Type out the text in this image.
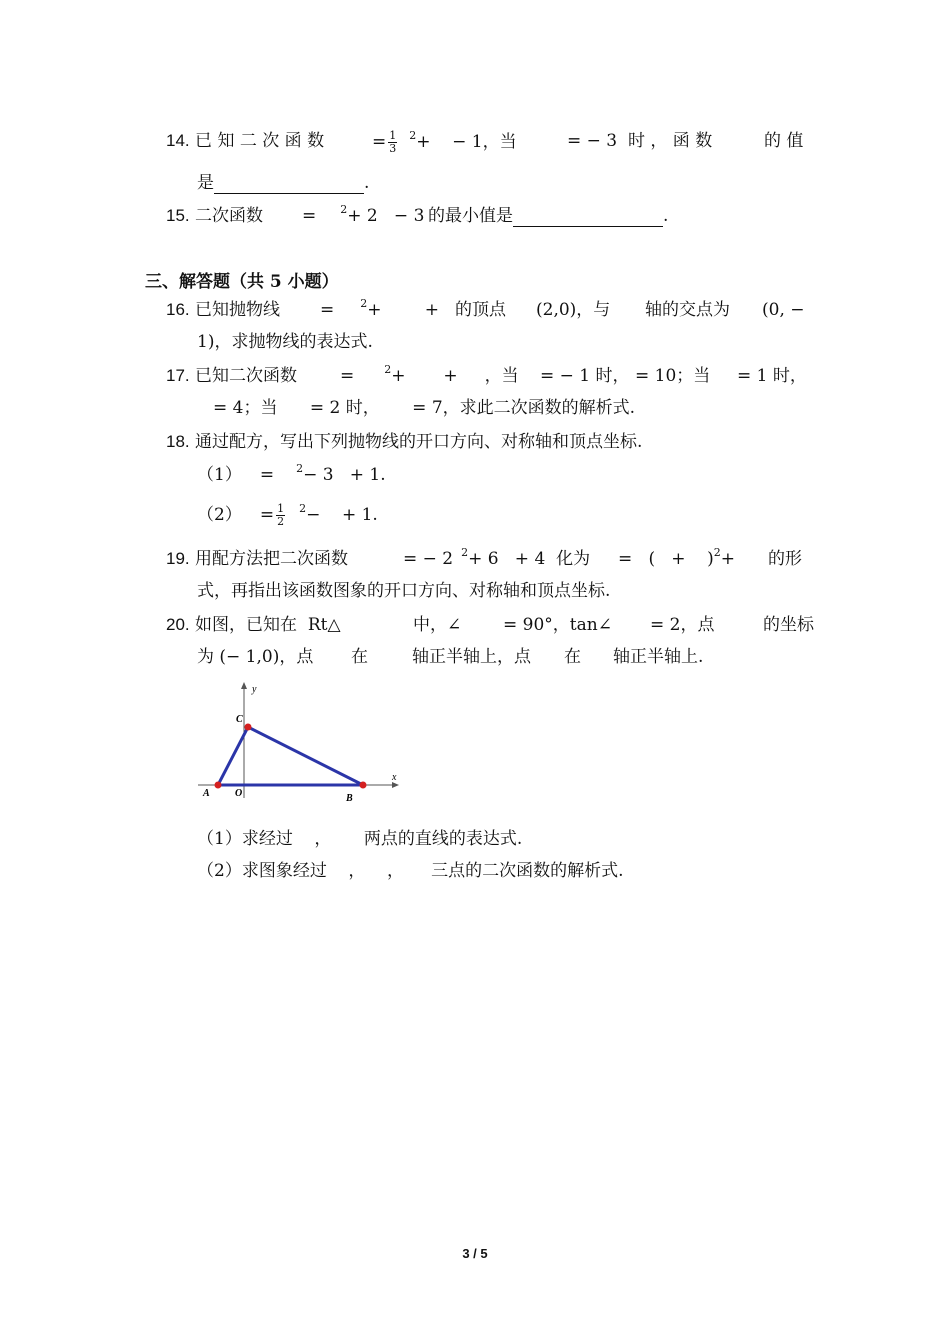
14. 已 知 二 次 函 数	= $\frac{1}{3} ^2+$    − 1，当	= − 3 时 ， 函 数	的 值
是	.
15. 二次函数 = $^2$+ 2   − 3 的最小值是	.
三、解答题（共 5 小题）
16. 已知抛物线 = $^2$+        + 的顶点 (2,0)，与 轴的交点为 (0, −
1)，求抛物线的表达式.
17. 已知二次函数	=	$^2$+       +     ，当 = − 1 时， = 10；当 = 1 时，
= 4；当      = 2 时，      = 7，求此二次函数的解析式.
18. 通过配方，写出下列抛物线的开口方向、对称轴和顶点坐标.
（1） = $^2$− 3   + 1.
$(2) = \frac{1}{2} ^2-$    + 1.
19. 用配方法把二次函数	= − 2 $^2$+ 6   + 4  化为 =   (   +    )$^2$+ 的形
式，再指出该函数图象的开口方向、对称轴和顶点坐标.
20. 如图，已知在  Rt△	中，∠ = 90°，tan∠ = 2，点	的坐标
为 (− 1,0)，点 在	轴正半轴上，点 在 轴正半轴上.
y
x
C
A	O	B
（1）求经过    ，      两点的直线的表达式.
（2）求图象经过    ，    ，     三点的二次函数的解析式.
3 / 5
